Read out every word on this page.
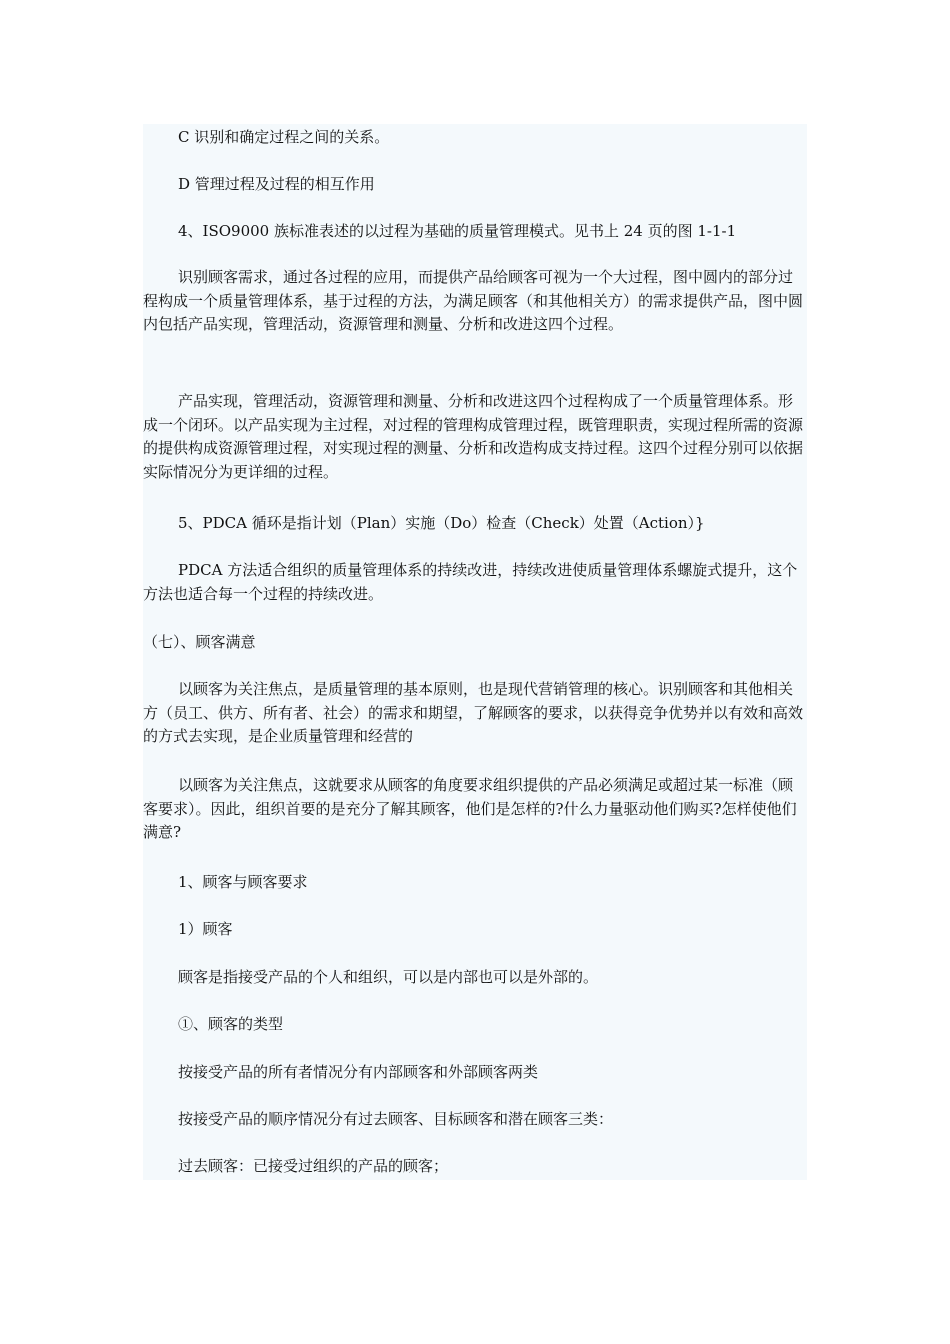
C 识别和确定过程之间的关系。

D 管理过程及过程的相互作用

4、ISO9000 族标准表述的以过程为基础的质量管理模式。见书上 24 页的图 1-1-1

识别顾客需求，通过各过程的应用，而提供产品给顾客可视为一个大过程，图中圆内的部分过程构成一个质量管理体系，基于过程的方法，为满足顾客（和其他相关方）的需求提供产品，图中圆内包括产品实现，管理活动，资源管理和测量、分析和改进这四个过程。

产品实现，管理活动，资源管理和测量、分析和改进这四个过程构成了一个质量管理体系。形成一个闭环。以产品实现为主过程，对过程的管理构成管理过程，既管理职责，实现过程所需的资源的提供构成资源管理过程，对实现过程的测量、分析和改造构成支持过程。这四个过程分别可以依据实际情况分为更详细的过程。

5、PDCA 循环是指计划（Plan）实施（Do）检查（Check）处置（Action）}

PDCA 方法适合组织的质量管理体系的持续改进，持续改进使质量管理体系螺旋式提升，这个方法也适合每一个过程的持续改进。

（七）、顾客满意

以顾客为关注焦点，是质量管理的基本原则，也是现代营销管理的核心。识别顾客和其他相关方（员工、供方、所有者、社会）的需求和期望，了解顾客的要求，以获得竞争优势并以有效和高效的方式去实现，是企业质量管理和经营的

以顾客为关注焦点，这就要求从顾客的角度要求组织提供的产品必须满足或超过某一标准（顾客要求）。因此，组织首要的是充分了解其顾客，他们是怎样的?什么力量驱动他们购买?怎样使他们满意?

1、顾客与顾客要求

1）顾客

顾客是指接受产品的个人和组织，可以是内部也可以是外部的。

①、顾客的类型

按接受产品的所有者情况分有内部顾客和外部顾客两类

按接受产品的顺序情况分有过去顾客、目标顾客和潜在顾客三类：

过去顾客：已接受过组织的产品的顾客；
